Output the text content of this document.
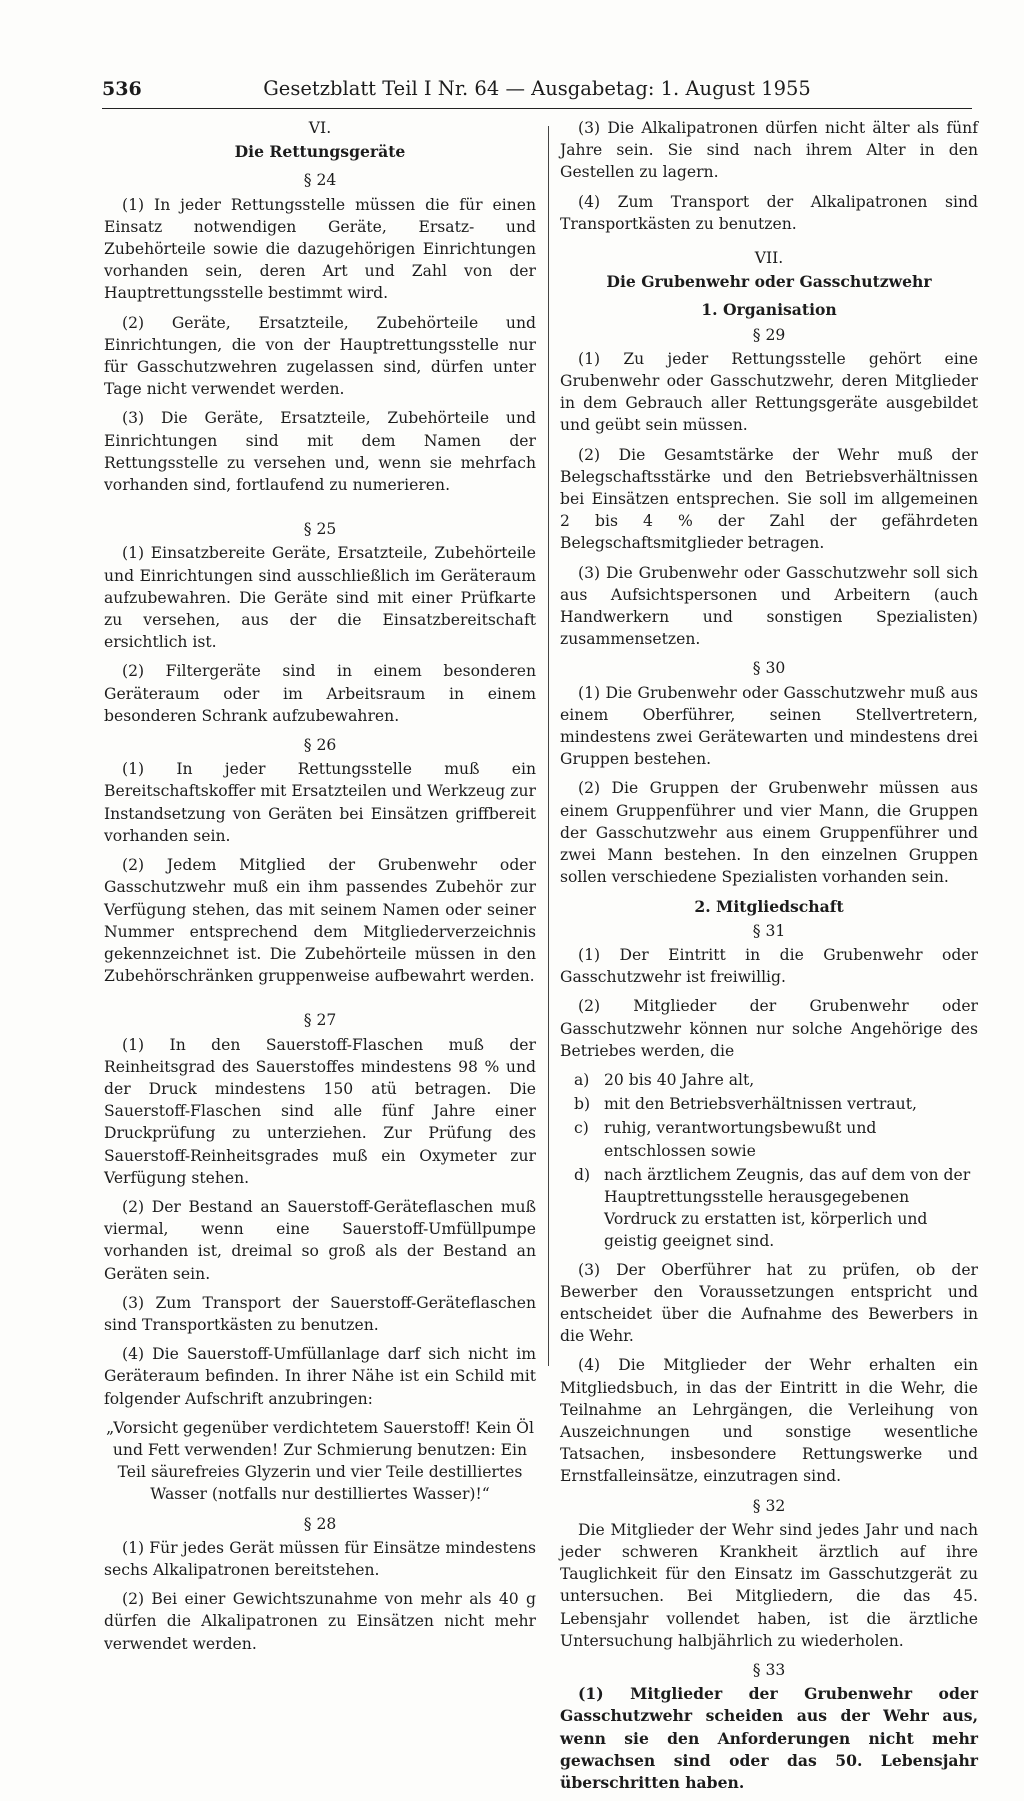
536	Gesetzblatt Teil I Nr. 64 — Ausgabetag: 1. August 1955
VI.
Die Rettungsgeräte
§ 24

(1) In jeder Rettungsstelle müssen die für einen Einsatz notwendigen Geräte, Ersatz- und Zubehörteile sowie die dazugehörigen Einrichtungen vorhanden sein, deren Art und Zahl von der Hauptrettungsstelle bestimmt wird.

(2) Geräte, Ersatzteile, Zubehörteile und Einrichtungen, die von der Hauptrettungsstelle nur für Gasschutzwehren zugelassen sind, dürfen unter Tage nicht verwendet werden.

(3) Die Geräte, Ersatzteile, Zubehörteile und Einrichtungen sind mit dem Namen der Rettungsstelle zu versehen und, wenn sie mehrfach vorhanden sind, fortlaufend zu numerieren.

§ 25

(1) Einsatzbereite Geräte, Ersatzteile, Zubehörteile und Einrichtungen sind ausschließlich im Geräteraum aufzubewahren. Die Geräte sind mit einer Prüfkarte zu versehen, aus der die Einsatzbereitschaft ersichtlich ist.

(2) Filtergeräte sind in einem besonderen Geräteraum oder im Arbeitsraum in einem besonderen Schrank aufzubewahren.

§ 26

(1) In jeder Rettungsstelle muß ein Bereitschaftskoffer mit Ersatzteilen und Werkzeug zur Instandsetzung von Geräten bei Einsätzen griffbereit vorhanden sein.

(2) Jedem Mitglied der Grubenwehr oder Gasschutzwehr muß ein ihm passendes Zubehör zur Verfügung stehen, das mit seinem Namen oder seiner Nummer entsprechend dem Mitgliederverzeichnis gekennzeichnet ist. Die Zubehörteile müssen in den Zubehörschränken gruppenweise aufbewahrt werden.

§ 27

(1) In den Sauerstoff-Flaschen muß der Reinheitsgrad des Sauerstoffes mindestens 98 % und der Druck mindestens 150 atü betragen. Die Sauerstoff-Flaschen sind alle fünf Jahre einer Druckprüfung zu unterziehen. Zur Prüfung des Sauerstoff-Reinheitsgrades muß ein Oxymeter zur Verfügung stehen.

(2) Der Bestand an Sauerstoff-Geräteflaschen muß viermal, wenn eine Sauerstoff-Umfüllpumpe vorhanden ist, dreimal so groß als der Bestand an Geräten sein.

(3) Zum Transport der Sauerstoff-Geräteflaschen sind Transportkästen zu benutzen.

(4) Die Sauerstoff-Umfüllanlage darf sich nicht im Geräteraum befinden. In ihrer Nähe ist ein Schild mit folgender Aufschrift anzubringen:

„Vorsicht gegenüber verdichtetem Sauerstoff! Kein Öl und Fett verwenden! Zur Schmierung benutzen: Ein Teil säurefreies Glyzerin und vier Teile destilliertes Wasser (notfalls nur destilliertes Wasser)!“

§ 28

(1) Für jedes Gerät müssen für Einsätze mindestens sechs Alkalipatronen bereitstehen.

(2) Bei einer Gewichtszunahme von mehr als 40 g dürfen die Alkalipatronen zu Einsätzen nicht mehr verwendet werden.

(3) Die Alkalipatronen dürfen nicht älter als fünf Jahre sein. Sie sind nach ihrem Alter in den Gestellen zu lagern.

(4) Zum Transport der Alkalipatronen sind Transportkästen zu benutzen.

VII.
Die Grubenwehr oder Gasschutzwehr
1. Organisation
§ 29

(1) Zu jeder Rettungsstelle gehört eine Grubenwehr oder Gasschutzwehr, deren Mitglieder in dem Gebrauch aller Rettungsgeräte ausgebildet und geübt sein müssen.

(2) Die Gesamtstärke der Wehr muß der Belegschaftsstärke und den Betriebsverhältnissen bei Einsätzen entsprechen. Sie soll im allgemeinen 2 bis 4 % der Zahl der gefährdeten Belegschaftsmitglieder betragen.

(3) Die Grubenwehr oder Gasschutzwehr soll sich aus Aufsichtspersonen und Arbeitern (auch Handwerkern und sonstigen Spezialisten) zusammensetzen.

§ 30

(1) Die Grubenwehr oder Gasschutzwehr muß aus einem Oberführer, seinen Stellvertretern, mindestens zwei Gerätewarten und mindestens drei Gruppen bestehen.

(2) Die Gruppen der Grubenwehr müssen aus einem Gruppenführer und vier Mann, die Gruppen der Gasschutzwehr aus einem Gruppenführer und zwei Mann bestehen. In den einzelnen Gruppen sollen verschiedene Spezialisten vorhanden sein.

2. Mitgliedschaft
§ 31

(1) Der Eintritt in die Grubenwehr oder Gasschutzwehr ist freiwillig.

(2) Mitglieder der Grubenwehr oder Gasschutzwehr können nur solche Angehörige des Betriebes werden, die

a) 20 bis 40 Jahre alt,
b) mit den Betriebsverhältnissen vertraut,
c) ruhig, verantwortungsbewußt und entschlossen sowie
d) nach ärztlichem Zeugnis, das auf dem von der Hauptrettungsstelle herausgegebenen Vordruck zu erstatten ist, körperlich und geistig geeignet sind.

(3) Der Oberführer hat zu prüfen, ob der Bewerber den Voraussetzungen entspricht und entscheidet über die Aufnahme des Bewerbers in die Wehr.

(4) Die Mitglieder der Wehr erhalten ein Mitgliedsbuch, in das der Eintritt in die Wehr, die Teilnahme an Lehrgängen, die Verleihung von Auszeichnungen und sonstige wesentliche Tatsachen, insbesondere Rettungswerke und Ernstfalleinsätze, einzutragen sind.

§ 32

Die Mitglieder der Wehr sind jedes Jahr und nach jeder schweren Krankheit ärztlich auf ihre Tauglichkeit für den Einsatz im Gasschutzgerät zu untersuchen. Bei Mitgliedern, die das 45. Lebensjahr vollendet haben, ist die ärztliche Untersuchung halbjährlich zu wiederholen.

§ 33

(1) Mitglieder der Grubenwehr oder Gasschutzwehr scheiden aus der Wehr aus, wenn sie den Anforderungen nicht mehr gewachsen sind oder das 50. Lebensjahr überschritten haben.
